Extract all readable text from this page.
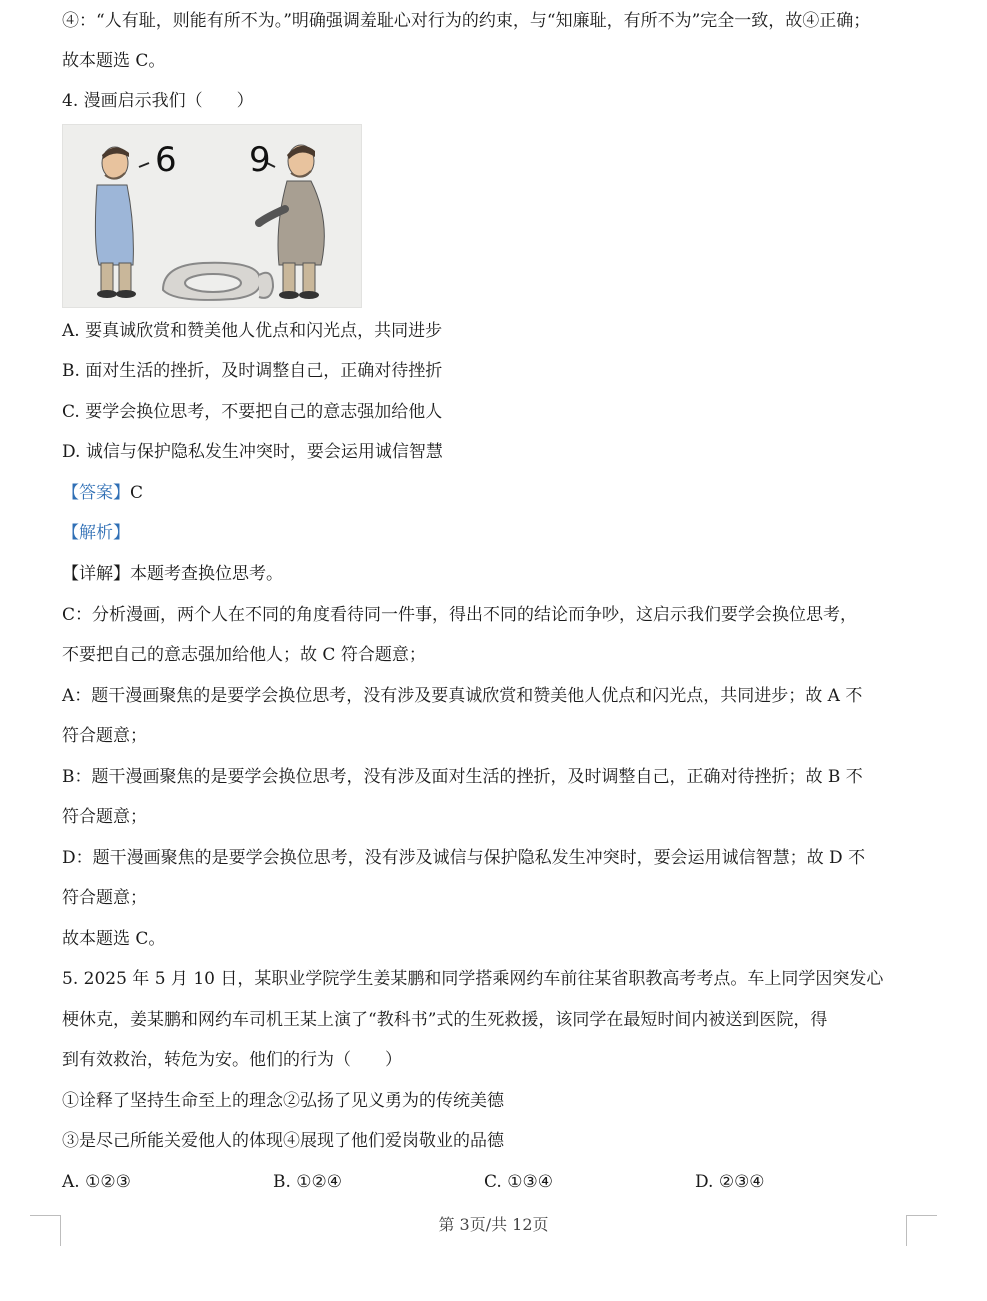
④：“人有耻，则能有所不为。”明确强调羞耻心对行为的约束，与“知廉耻，有所不为”完全一致，故④正确；
故本题选 C。
4. 漫画启示我们（　　）
6 9
A. 要真诚欣赏和赞美他人优点和闪光点，共同进步
B. 面对生活的挫折，及时调整自己，正确对待挫折
C. 要学会换位思考，不要把自己的意志强加给他人
D. 诚信与保护隐私发生冲突时，要会运用诚信智慧
【答案】C
【解析】
【详解】本题考查换位思考。
C：分析漫画，两个人在不同的角度看待同一件事，得出不同的结论而争吵，这启示我们要学会换位思考，
不要把自己的意志强加给他人；故 C 符合题意；
A：题干漫画聚焦的是要学会换位思考，没有涉及要真诚欣赏和赞美他人优点和闪光点，共同进步；故 A 不
符合题意；
B：题干漫画聚焦的是要学会换位思考，没有涉及面对生活的挫折，及时调整自己，正确对待挫折；故 B 不
符合题意；
D：题干漫画聚焦的是要学会换位思考，没有涉及诚信与保护隐私发生冲突时，要会运用诚信智慧；故 D 不
符合题意；
故本题选 C。
5. 2025 年 5 月 10 日，某职业学院学生姜某鹏和同学搭乘网约车前往某省职教高考考点。车上同学因突发心
梗休克，姜某鹏和网约车司机王某上演了“教科书”式的生死救援，该同学在最短时间内被送到医院，得
到有效救治，转危为安。他们的行为（　　）
①诠释了坚持生命至上的理念②弘扬了见义勇为的传统美德
③是尽己所能关爱他人的体现④展现了他们爱岗敬业的品德
A. ①②③	B. ①②④	C. ①③④	D. ②③④
第 3页/共 12页
